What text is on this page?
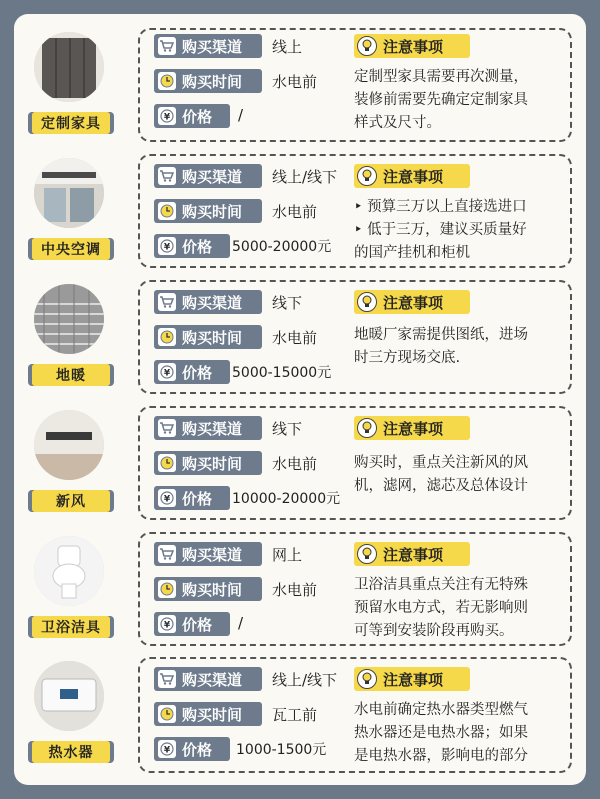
定制家具
购买渠道 线上
购买时间 水电前
¥ 价格 /
注意事项
定制型家具需要再次测量，
装修前需要先确定定制家具
样式及尺寸。
中央空调
购买渠道 线上/线下
购买时间 水电前
¥ 价格 5000-20000元
注意事项
‣ 预算三万以上直接选进口
‣ 低于三万，建议买质量好
的国产挂机和柜机
地暖
购买渠道 线下
购买时间 水电前
¥ 价格 5000-15000元
注意事项
地暖厂家需提供图纸，进场
时三方现场交底.
新风
购买渠道 线下
购买时间 水电前
¥ 价格 10000-20000元
注意事项
购买时，重点关注新风的风
机，滤网，滤芯及总体设计
卫浴洁具
购买渠道 网上
购买时间 水电前
¥ 价格 /
注意事项
卫浴洁具重点关注有无特殊
预留水电方式，若无影响则
可等到安装阶段再购买。
热水器
购买渠道 线上/线下
购买时间 瓦工前
¥ 价格 1000-1500元
注意事项
水电前确定热水器类型燃气
热水器还是电热水器；如果
是电热水器，影响电的部分
